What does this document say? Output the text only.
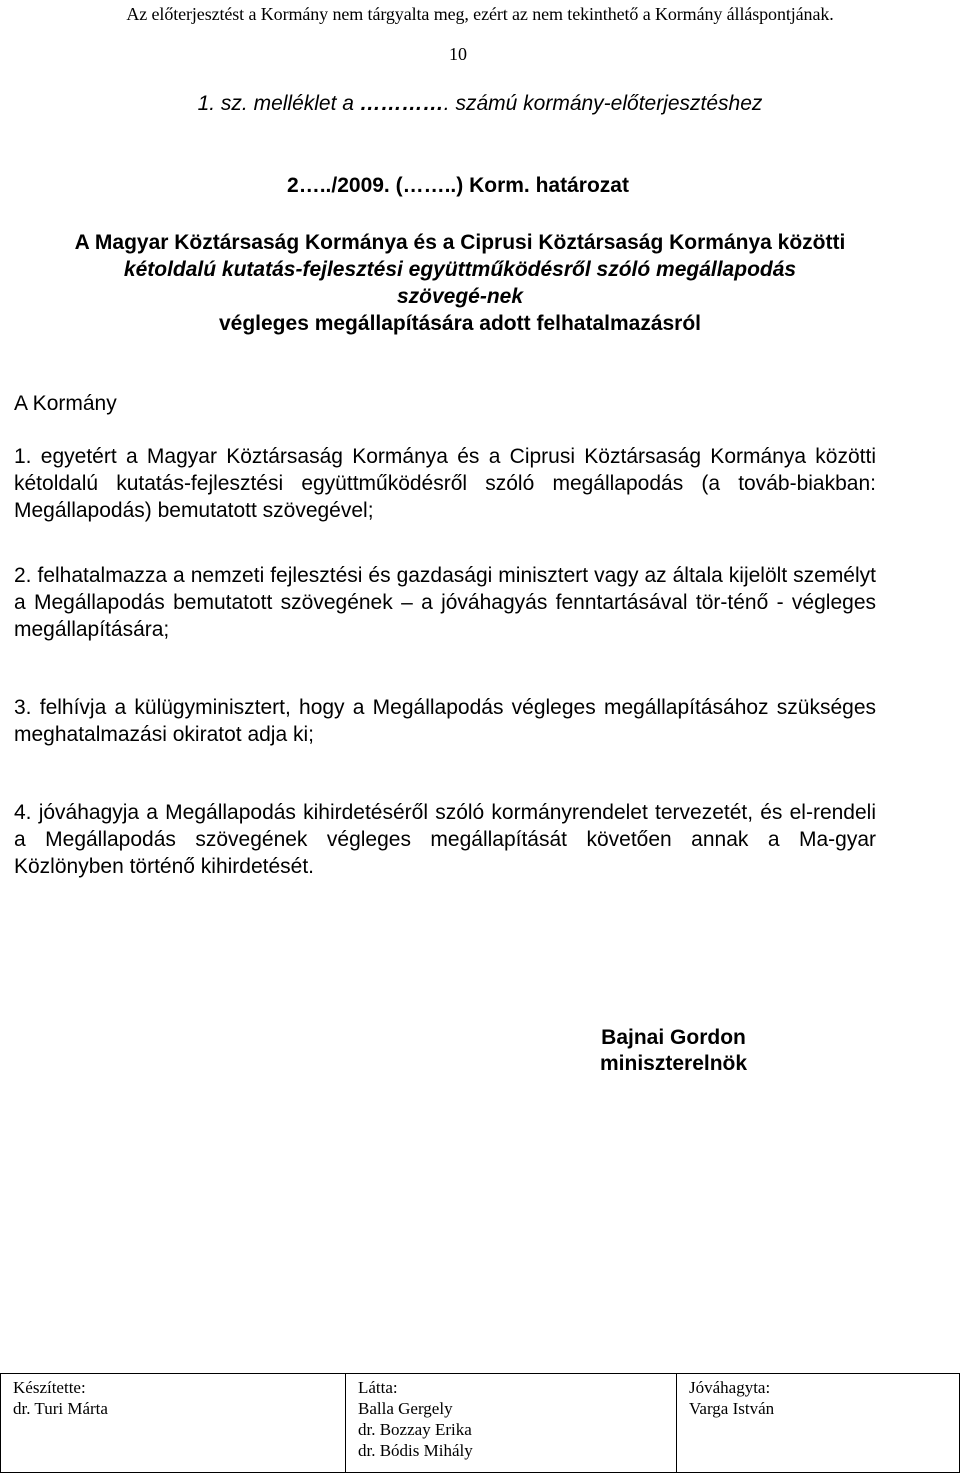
Az előterjesztést a Kormány nem tárgyalta meg, ezért az nem tekinthető a Kormány álláspontjának.
10
1. sz. melléklet a …………. számú kormány-előterjesztéshez
2…../2009. (……..) Korm. határozat
A Magyar Köztársaság Kormánya és a Ciprusi Köztársaság Kormánya közötti
kétoldalú kutatás-fejlesztési együttműködésről szóló megállapodás szövegé-nek
végleges megállapítására adott felhatalmazásról
A Kormány
1. egyetért a Magyar Köztársaság Kormánya és a Ciprusi Köztársaság Kormánya közötti kétoldalú kutatás-fejlesztési együttműködésről szóló megállapodás (a továb-biakban: Megállapodás) bemutatott szövegével;
2. felhatalmazza a nemzeti fejlesztési és gazdasági minisztert vagy az általa kijelölt személyt a Megállapodás bemutatott szövegének – a jóváhagyás fenntartásával tör-ténő - végleges megállapítására;
3. felhívja a külügyminisztert, hogy a Megállapodás végleges megállapításához szükséges meghatalmazási okiratot adja ki;
4. jóváhagyja a Megállapodás kihirdetéséről szóló kormányrendelet tervezetét, és el-rendeli a Megállapodás szövegének végleges megállapítását követően annak a Ma-gyar Közlönyben történő kihirdetését.
Bajnai Gordon
miniszterelnök
Készítette:
dr. Turi Márta

Látta:
Balla Gergely
dr. Bozzay Erika
dr. Bódis Mihály

Jóváhagyta:
Varga István
